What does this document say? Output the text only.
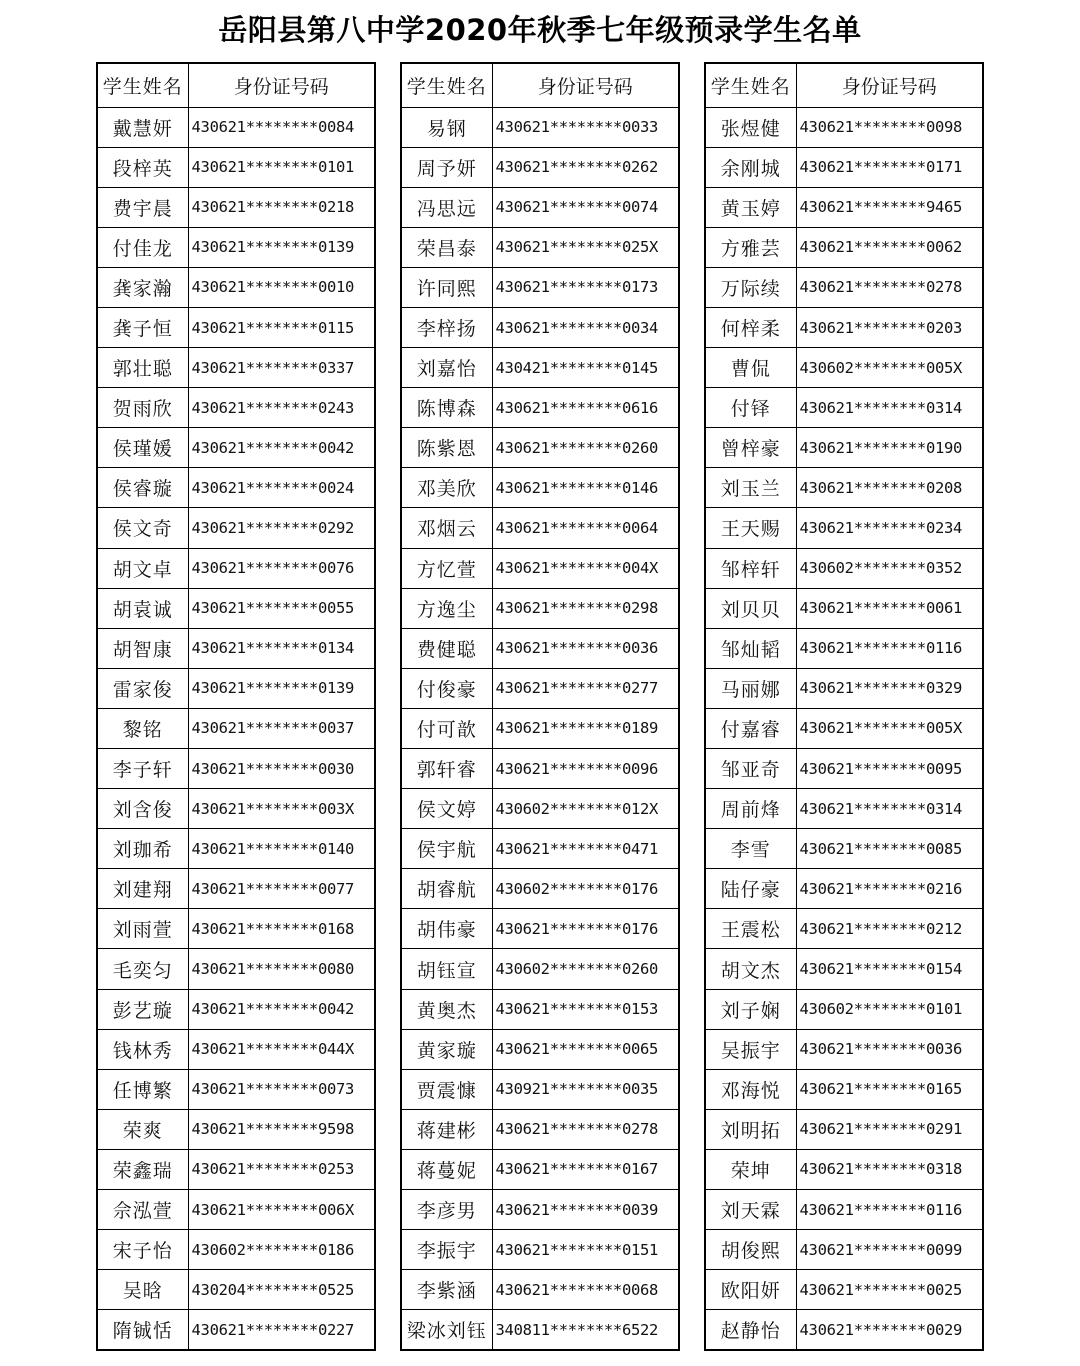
岳阳县第八中学2020年秋季七年级预录学生名单
学生姓名	身份证号码
戴慧妍	430621********0084
段梓英	430621********0101
费宇晨	430621********0218
付佳龙	430621********0139
龚家瀚	430621********0010
龚子恒	430621********0115
郭壮聪	430621********0337
贺雨欣	430621********0243
侯瑾媛	430621********0042
侯睿璇	430621********0024
侯文奇	430621********0292
胡文卓	430621********0076
胡袁诚	430621********0055
胡智康	430621********0134
雷家俊	430621********0139
黎铭	430621********0037
李子轩	430621********0030
刘含俊	430621********003X
刘珈希	430621********0140
刘建翔	430621********0077
刘雨萱	430621********0168
毛奕匀	430621********0080
彭艺璇	430621********0042
钱林秀	430621********044X
任博繁	430621********0073
荣爽	430621********9598
荣鑫瑞	430621********0253
佘泓萱	430621********006X
宋子怡	430602********0186
吴晗	430204********0525
隋铖恬	430621********0227
学生姓名	身份证号码
易钢	430621********0033
周予妍	430621********0262
冯思远	430621********0074
荣昌泰	430621********025X
许同熙	430621********0173
李梓扬	430621********0034
刘嘉怡	430421********0145
陈博森	430621********0616
陈紫恩	430621********0260
邓美欣	430621********0146
邓烟云	430621********0064
方忆萱	430621********004X
方逸尘	430621********0298
费健聪	430621********0036
付俊豪	430621********0277
付可歆	430621********0189
郭轩睿	430621********0096
侯文婷	430602********012X
侯宇航	430621********0471
胡睿航	430602********0176
胡伟豪	430621********0176
胡钰宣	430602********0260
黄奥杰	430621********0153
黄家璇	430621********0065
贾震慷	430921********0035
蒋建彬	430621********0278
蒋蔓妮	430621********0167
李彦男	430621********0039
李振宇	430621********0151
李紫涵	430621********0068
梁冰刘钰	340811********6522
学生姓名	身份证号码
张煜健	430621********0098
余刚城	430621********0171
黄玉婷	430621********9465
方雅芸	430621********0062
万际续	430621********0278
何梓柔	430621********0203
曹侃	430602********005X
付铎	430621********0314
曾梓豪	430621********0190
刘玉兰	430621********0208
王天赐	430621********0234
邹梓轩	430602********0352
刘贝贝	430621********0061
邹灿韬	430621********0116
马丽娜	430621********0329
付嘉睿	430621********005X
邹亚奇	430621********0095
周前烽	430621********0314
李雪	430621********0085
陆仔豪	430621********0216
王震松	430621********0212
胡文杰	430621********0154
刘子娴	430602********0101
吴振宇	430621********0036
邓海悦	430621********0165
刘明拓	430621********0291
荣坤	430621********0318
刘天霖	430621********0116
胡俊熙	430621********0099
欧阳妍	430621********0025
赵静怡	430621********0029
